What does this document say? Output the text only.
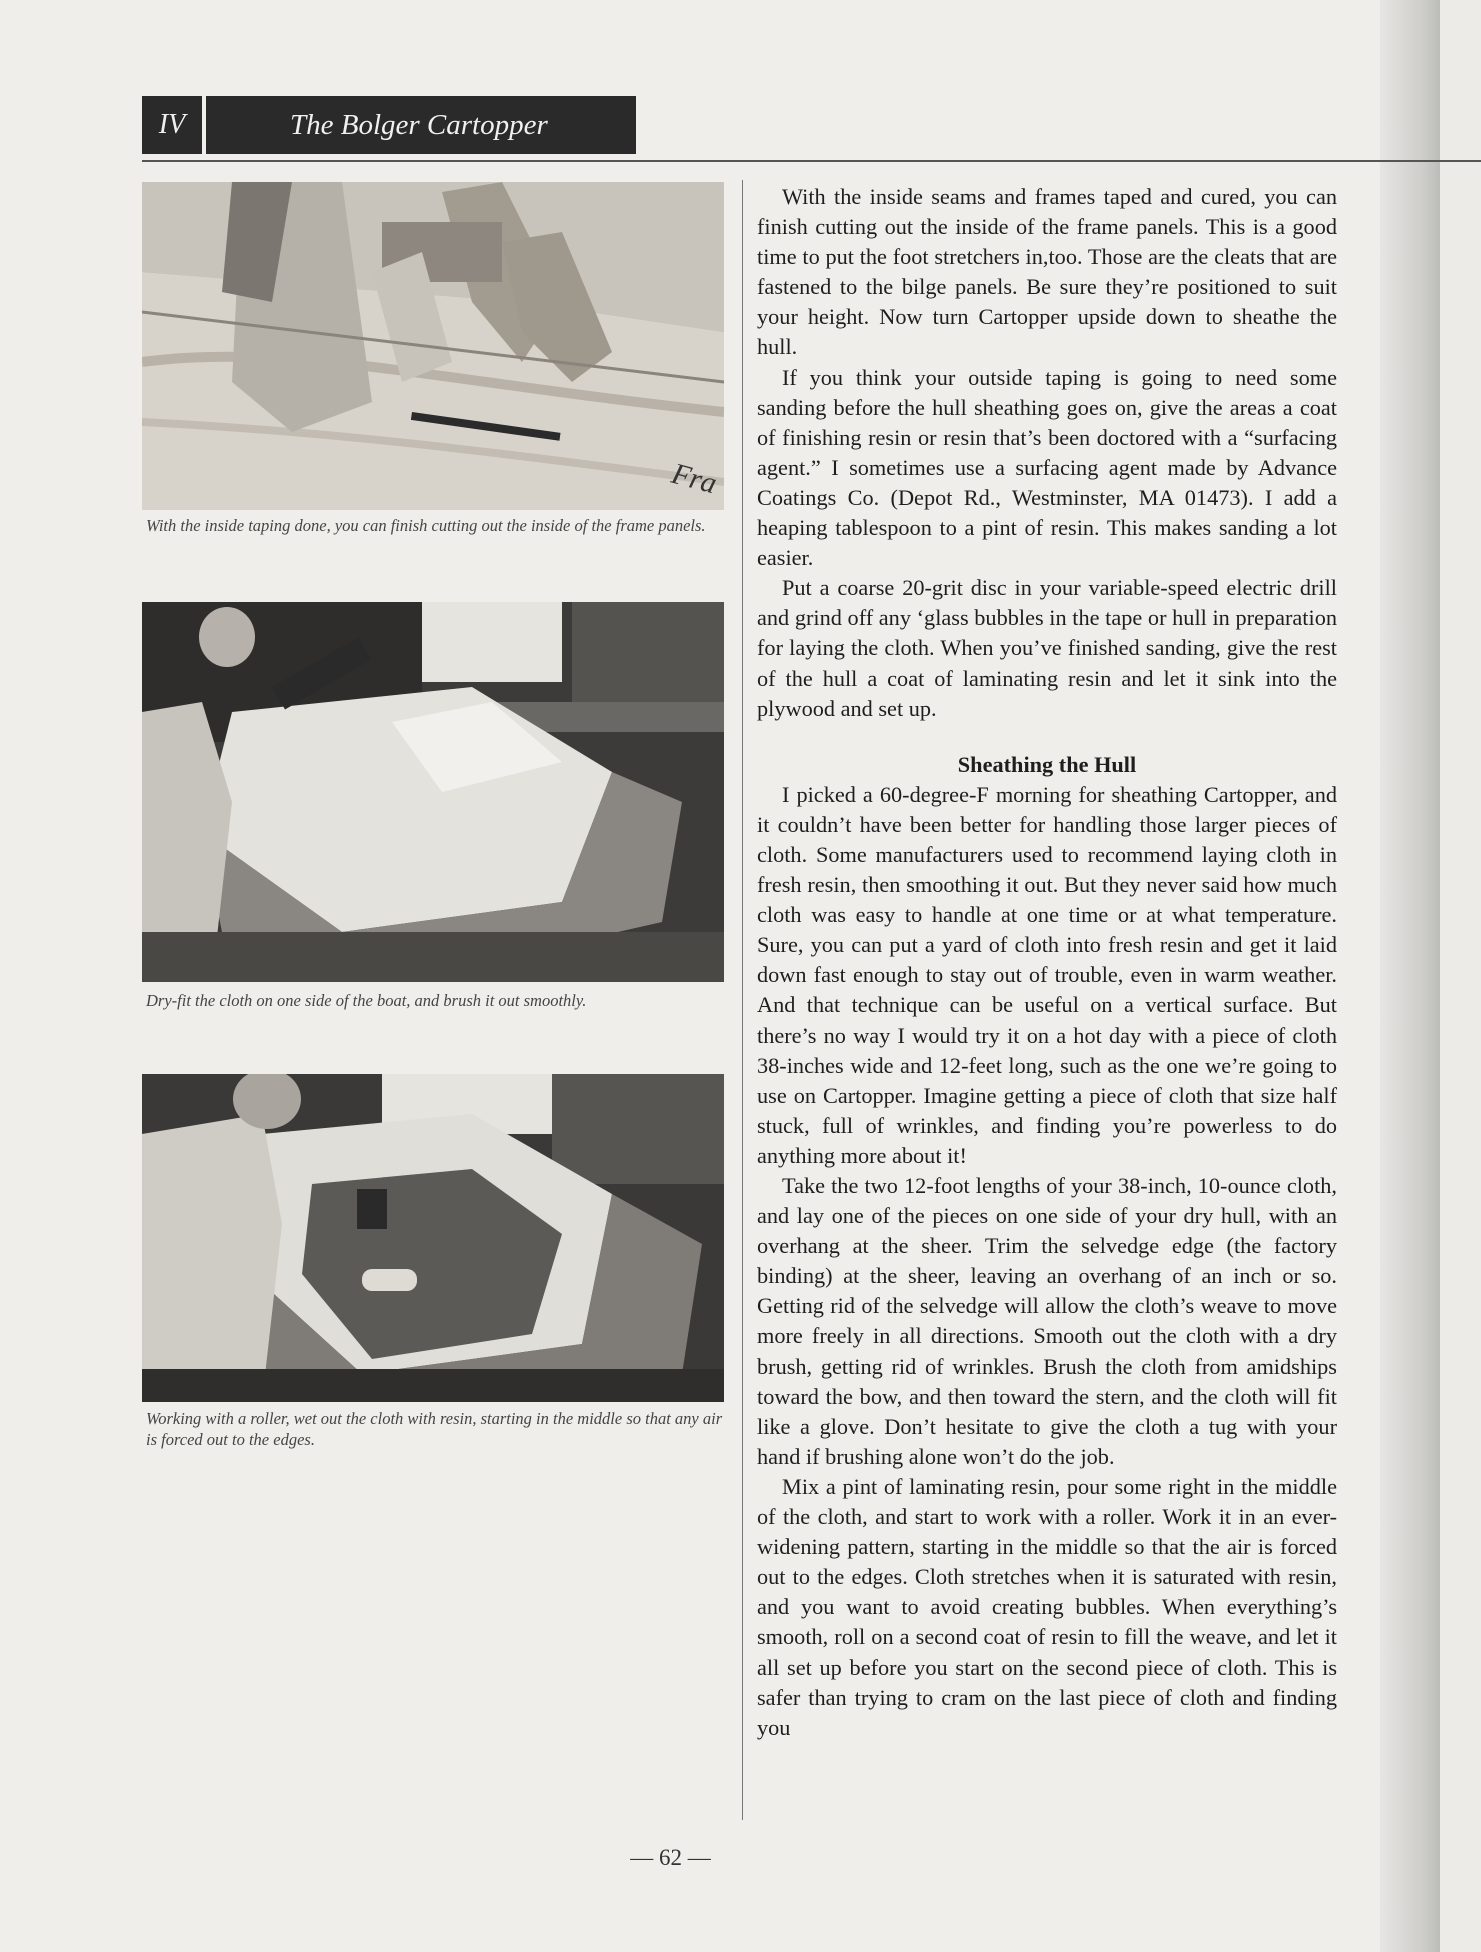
IV	The Bolger Cartopper
Fra
With the inside taping done, you can finish cutting out the inside of the frame panels.
Dry-fit the cloth on one side of the boat, and brush it out smoothly.
Working with a roller, wet out the cloth with resin, starting in the middle so that any air is forced out to the edges.

With the inside seams and frames taped and cured, you can finish cutting out the inside of the frame panels. This is a good time to put the foot stretchers in,too. Those are the cleats that are fastened to the bilge panels. Be sure they’re positioned to suit your height. Now turn Cartopper upside down to sheathe the hull.

If you think your outside taping is going to need some sanding before the hull sheathing goes on, give the areas a coat of finishing resin or resin that’s been doctored with a “surfacing agent.” I sometimes use a surfacing agent made by Advance Coatings Co. (Depot Rd., Westminster, MA 01473). I add a heaping tablespoon to a pint of resin. This makes sanding a lot easier.

Put a coarse 20-grit disc in your variable-speed electric drill and grind off any ‘glass bubbles in the tape or hull in preparation for laying the cloth. When you’ve finished sanding, give the rest of the hull a coat of laminating resin and let it sink into the plywood and set up.

Sheathing the Hull

I picked a 60-degree-F morning for sheathing Cartopper, and it couldn’t have been better for handling those larger pieces of cloth. Some manufacturers used to recommend laying cloth in fresh resin, then smoothing it out. But they never said how much cloth was easy to handle at one time or at what temperature. Sure, you can put a yard of cloth into fresh resin and get it laid down fast enough to stay out of trouble, even in warm weather. And that technique can be useful on a vertical surface. But there’s no way I would try it on a hot day with a piece of cloth 38-inches wide and 12-feet long, such as the one we’re going to use on Cartopper. Imagine getting a piece of cloth that size half stuck, full of wrinkles, and finding you’re powerless to do anything more about it!

Take the two 12-foot lengths of your 38-inch, 10-ounce cloth, and lay one of the pieces on one side of your dry hull, with an overhang at the sheer. Trim the selvedge edge (the factory binding) at the sheer, leaving an overhang of an inch or so. Getting rid of the selvedge will allow the cloth’s weave to move more freely in all directions. Smooth out the cloth with a dry brush, getting rid of wrinkles. Brush the cloth from amidships toward the bow, and then toward the stern, and the cloth will fit like a glove. Don’t hesitate to give the cloth a tug with your hand if brushing alone won’t do the job.

Mix a pint of laminating resin, pour some right in the middle of the cloth, and start to work with a roller. Work it in an ever-widening pattern, starting in the middle so that the air is forced out to the edges. Cloth stretches when it is saturated with resin, and you want to avoid creating bubbles. When everything’s smooth, roll on a second coat of resin to fill the weave, and let it all set up before you start on the second piece of cloth. This is safer than trying to cram on the last piece of cloth and finding you

— 62 —
